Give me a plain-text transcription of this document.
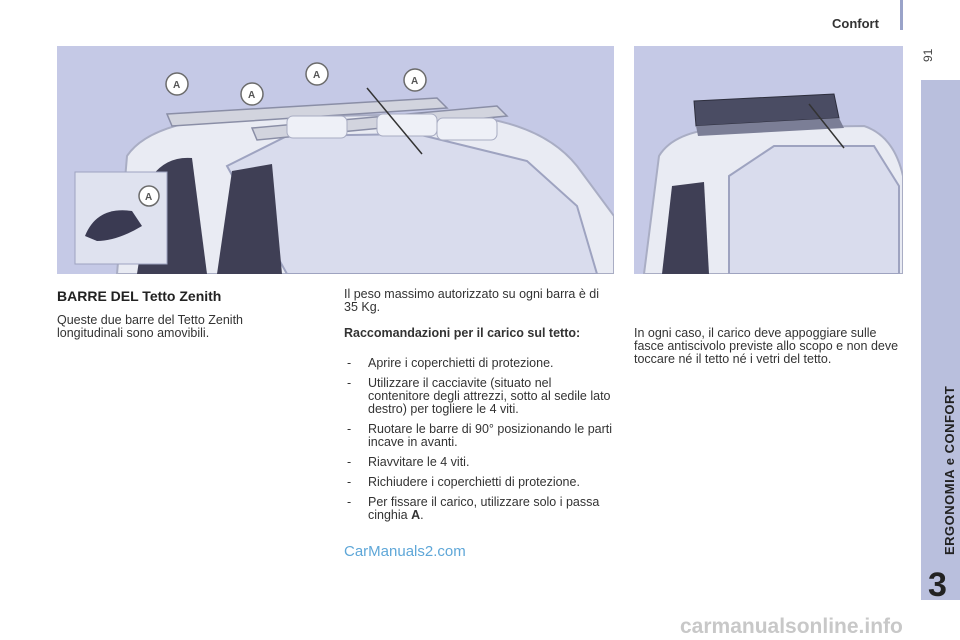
Confort
91
ERGONOMIA e CONFORT
3
A
A
A
A
A
BARRE DEL Tetto Zenith

Queste due barre del Tetto Zenith longitudinali sono amovibili.

Il peso massimo autorizzato su ogni barra è di 35 Kg.

Raccomandazioni per il carico sul tetto:

- Aprire i coperchietti di protezione.
- Utilizzare il cacciavite (situato nel contenitore degli attrezzi, sotto al sedile lato destro) per togliere le 4 viti.
- Ruotare le barre di 90° posizionando le parti incave in avanti.
- Riavvitare le 4 viti.
- Richiudere i coperchietti di protezione.
- Per fissare il carico, utilizzare solo i passa cinghia A.

In ogni caso, il carico deve appoggiare sulle fasce antiscivolo previste allo scopo e non deve toccare né il tetto né i vetri del tetto.

CarManuals2.com
carmanualsonline.info
